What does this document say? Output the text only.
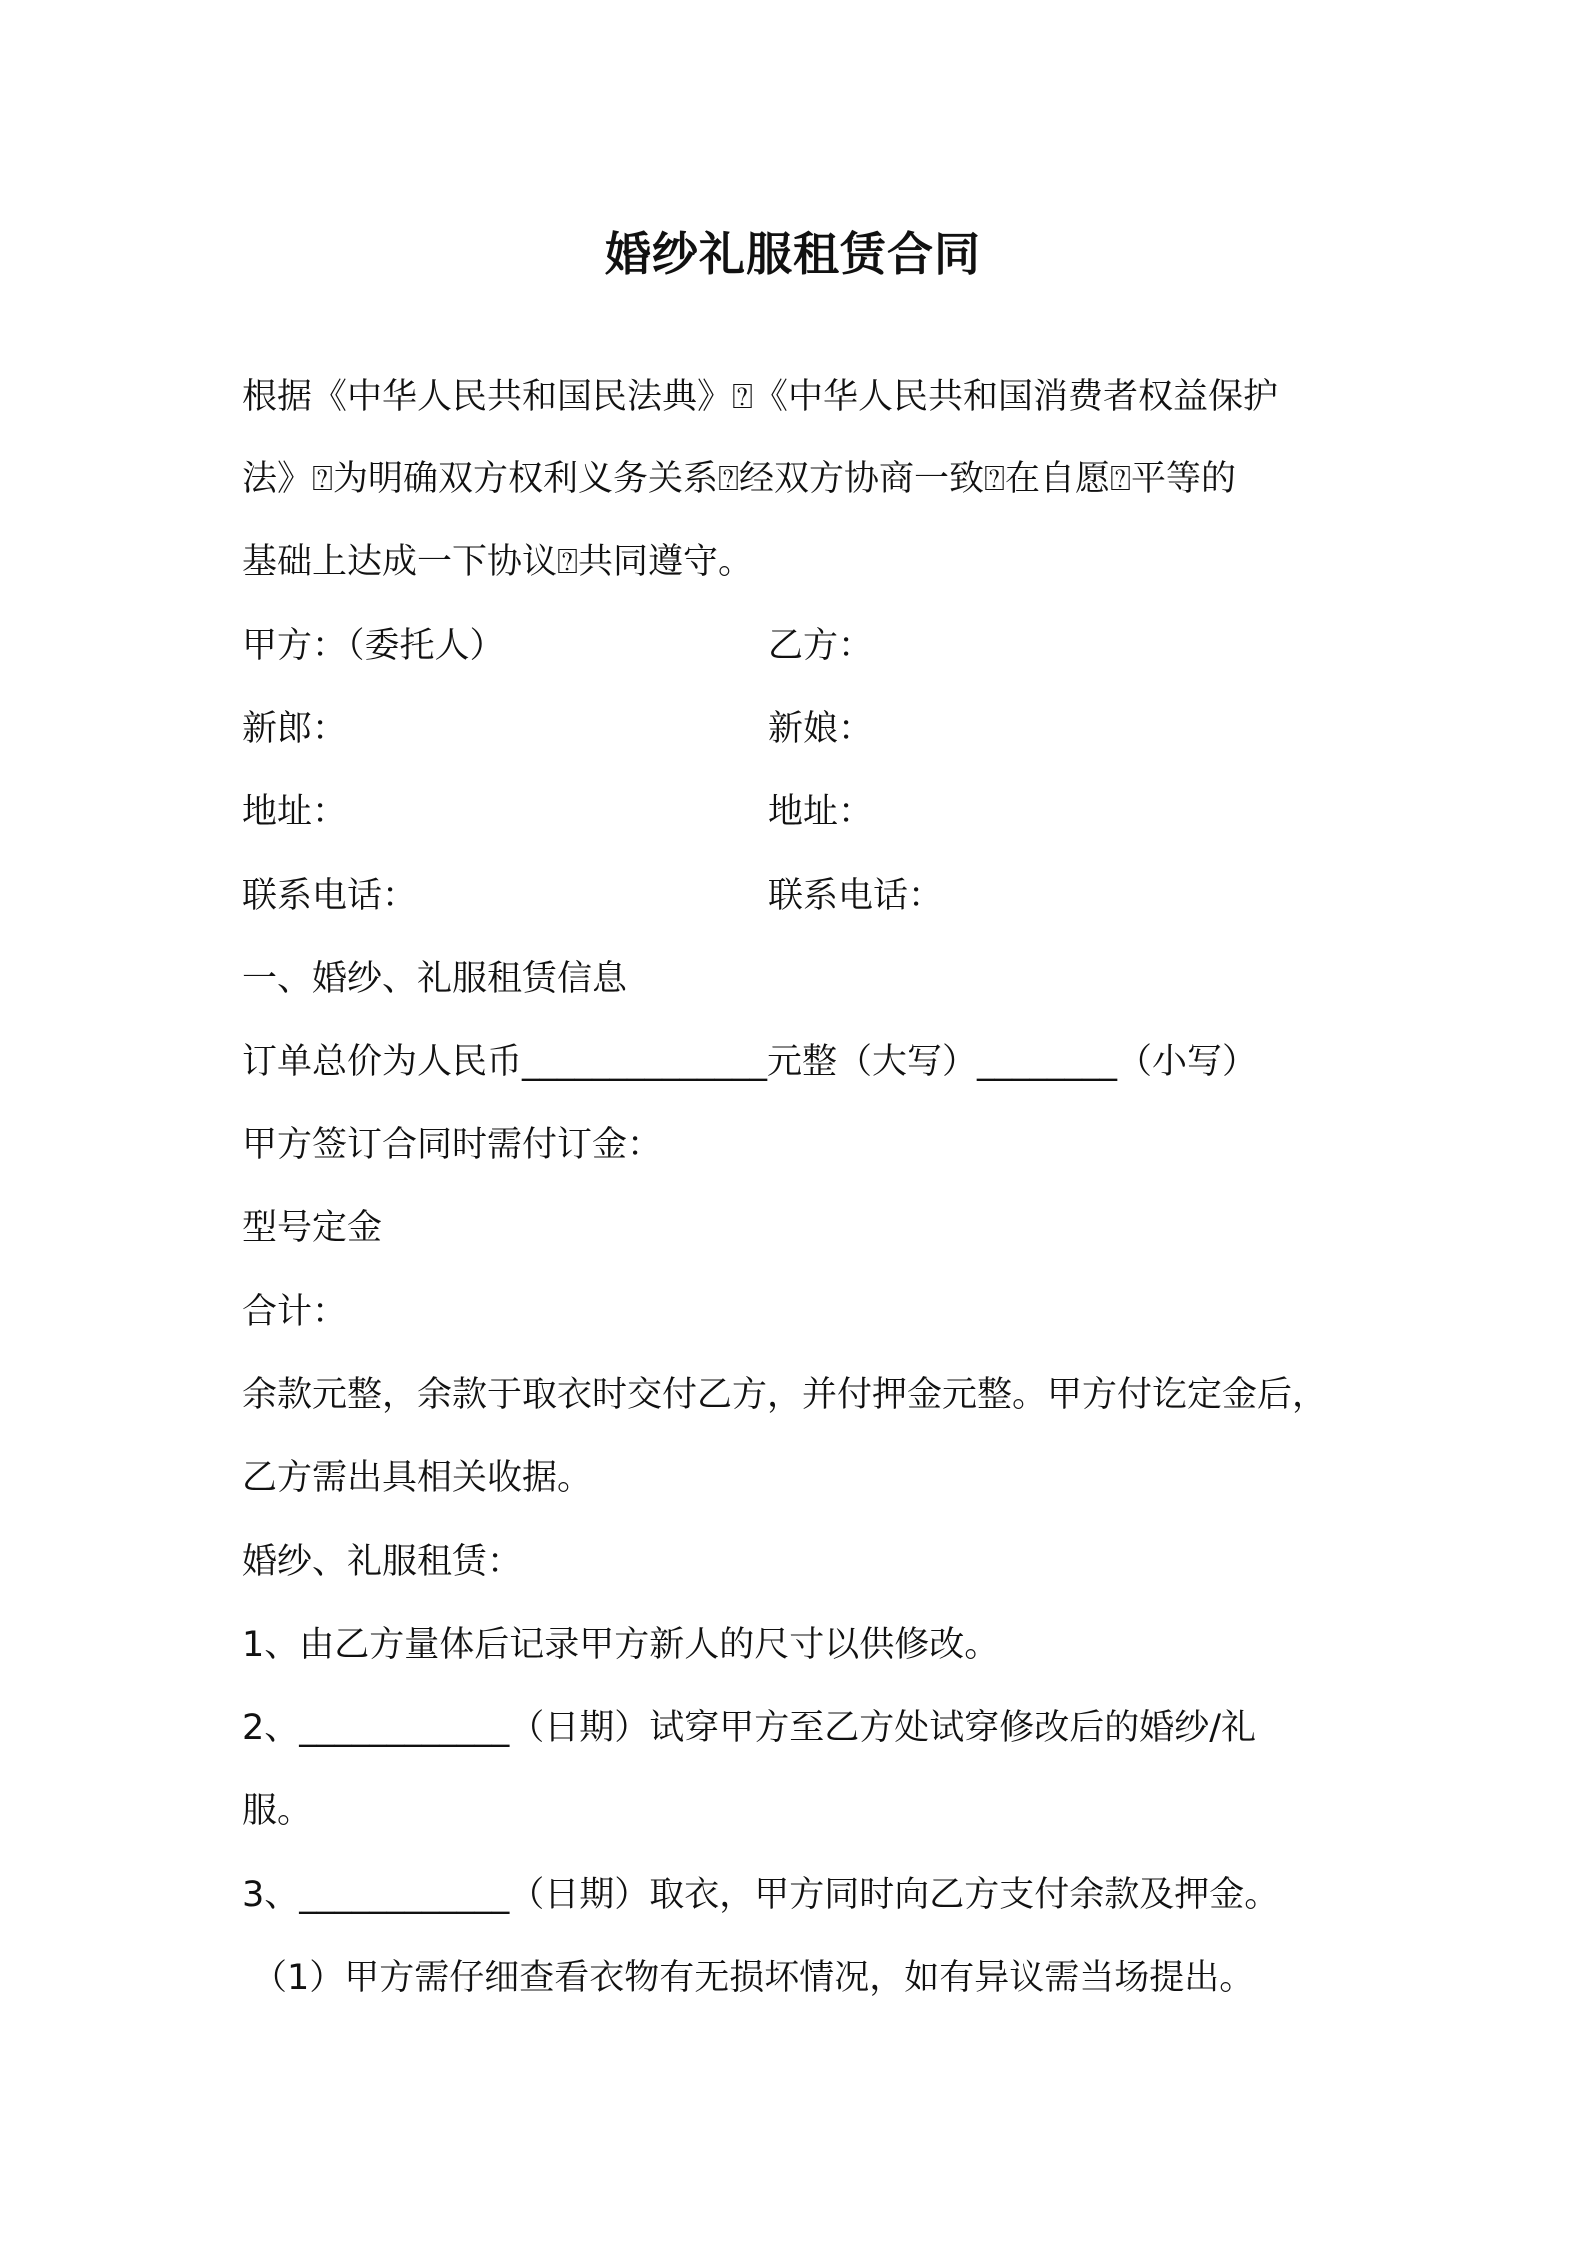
婚纱礼服租赁合同
根据《中华人民共和国民法典》⍰《中华人民共和国消费者权益保护
法》⍰为明确双方权利义务关系⍰经双方协商一致⍰在自愿⍰平等的
基础上达成一下协议⍰共同遵守。
甲方：（委托人）	乙方：
新郎：	新娘：
地址：	地址：
联系电话：	联系电话：
一、婚纱、礼服租赁信息
订单总价为人民币______________元整（大写）________（小写）
甲方签订合同时需付订金：
型号定金
合计：
余款元整，余款于取衣时交付乙方，并付押金元整。甲方付讫定金后，
乙方需出具相关收据。
婚纱、礼服租赁：
1、由乙方量体后记录甲方新人的尺寸以供修改。
2、____________（日期）试穿甲方至乙方处试穿修改后的婚纱/礼
服。
3、____________（日期）取衣，甲方同时向乙方支付余款及押金。
（1）甲方需仔细查看衣物有无损坏情况，如有异议需当场提出。
